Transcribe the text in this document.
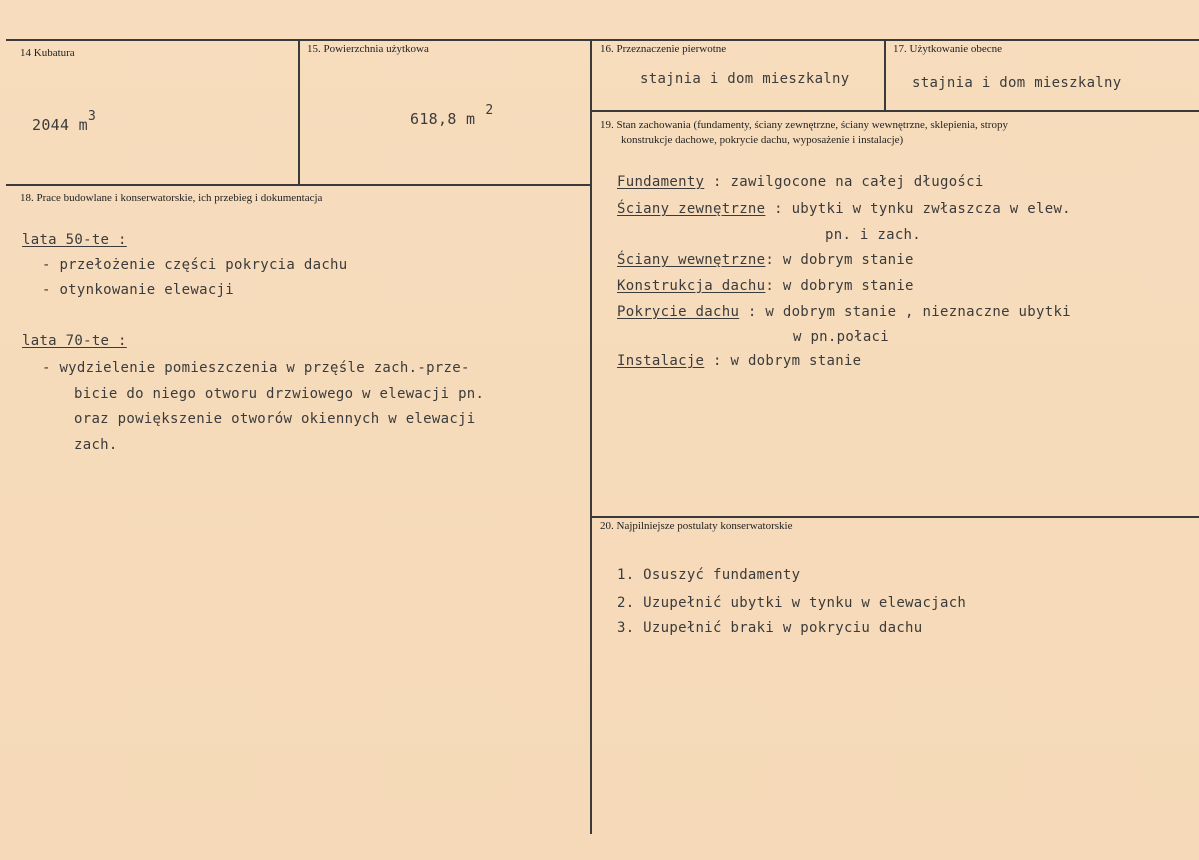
14 Kubatura
2044 m3
15. Powierzchnia użytkowa
618,8 m 2
16. Przeznaczenie pierwotne
stajnia i dom mieszkalny
17. Użytkowanie obecne
stajnia i dom mieszkalny
18. Prace budowlane i konserwatorskie, ich przebieg i dokumentacja
lata 50-te :
- przełożenie części pokrycia dachu
- otynkowanie elewacji
lata 70-te :
- wydzielenie pomieszczenia w przęśle zach.-prze-
bicie do niego otworu drzwiowego w elewacji pn.
oraz powiększenie otworów okiennych w elewacji
zach.
19. Stan zachowania (fundamenty, ściany zewnętrzne, ściany wewnętrzne, sklepienia, stropy
konstrukcje dachowe, pokrycie dachu, wyposażenie i instalacje)
Fundamenty : zawilgocone na całej długości
Ściany zewnętrzne : ubytki w tynku zwłaszcza w elew.
pn. i zach.
Ściany wewnętrzne: w dobrym stanie
Konstrukcja dachu: w dobrym stanie
Pokrycie dachu : w dobrym stanie , nieznaczne ubytki
w pn.połaci
Instalacje : w dobrym stanie
20. Najpilniejsze postulaty konserwatorskie
1. Osuszyć fundamenty
2. Uzupełnić ubytki w tynku w elewacjach
3. Uzupełnić braki w pokryciu dachu
